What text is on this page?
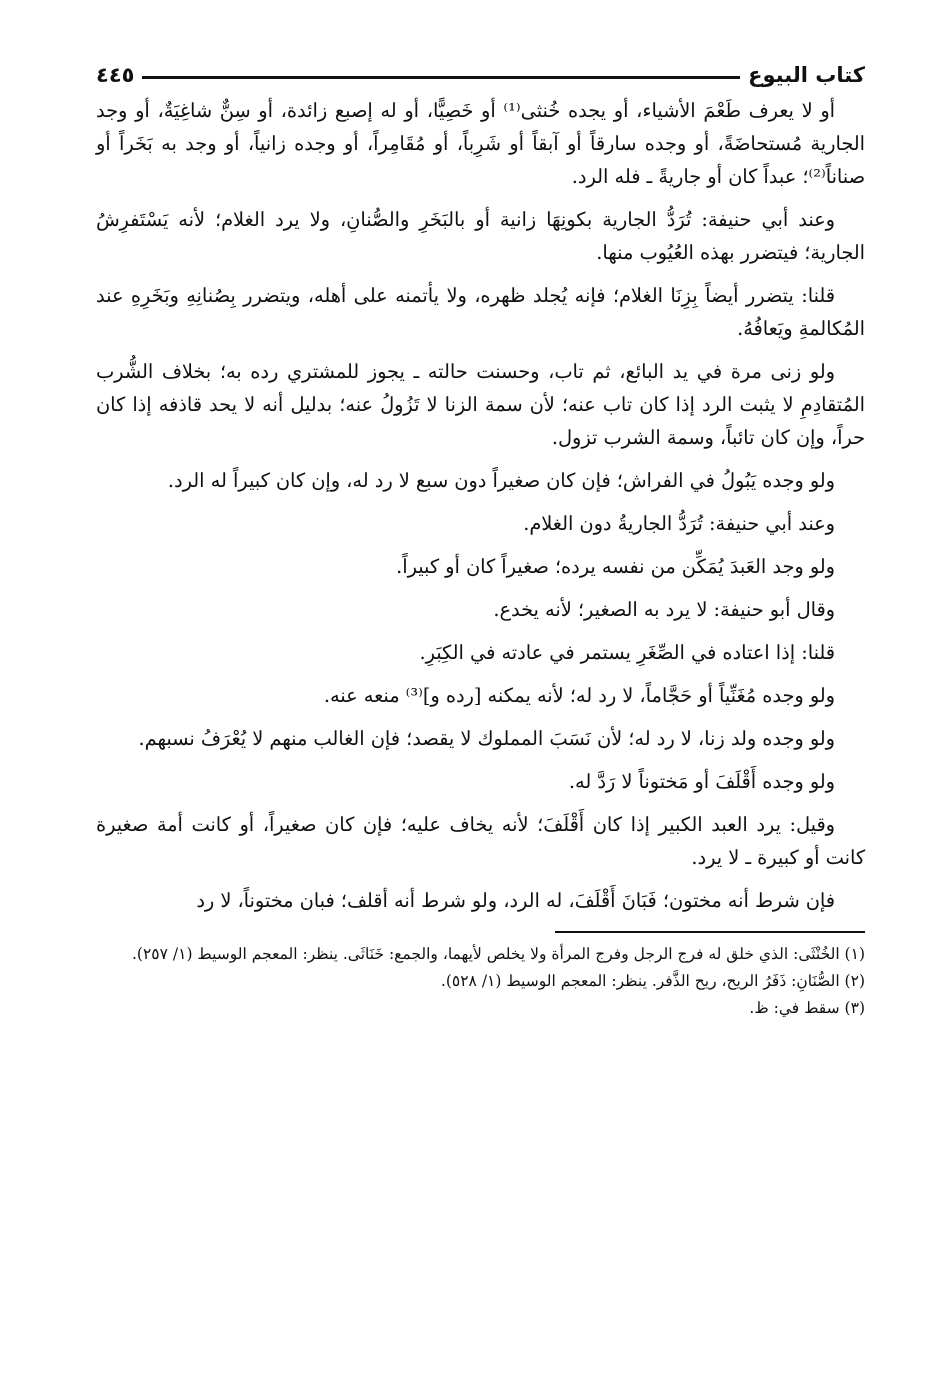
كتاب البيوع
٤٤٥

أو لا يعرف طَعْمَ الأشياء، أو يجده خُنثى⁽¹⁾ أو خَصِيًّا، أو له إصبع زائدة، أو سِنٌّ شاغِيَةٌ، أو وجد الجارية مُستحاضَةً، أو وجده سارقاً أو آبقاً أو شَرِباً، أو مُقَامِراً، أو وجده زانياً، أو وجد به بَخَراً أو صناناً⁽²⁾؛ عبداً كان أو جاريةً ـ فله الرد.

وعند أبي حنيفة: تُرَدُّ الجارية بكونِهَا زانية أو بالبَخَرِ والصُّنانِ، ولا يرد الغلام؛ لأنه يَسْتَفرِشُ الجارية؛ فيتضرر بهذه العُيُوب منها.

قلنا: يتضرر أيضاً بِزِنَا الغلام؛ فإنه يُجلد ظهره، ولا يأتمنه على أهله، ويتضرر بِصُنانِهِ وبَخَرِهِ عند المُكالمةِ ويَعافُهُ.

ولو زنى مرة في يد البائع، ثم تاب، وحسنت حالته ـ يجوز للمشتري رده به؛ بخلاف الشُّرب المُتقادِمِ لا يثبت الرد إذا كان تاب عنه؛ لأن سمة الزنا لا تَزُولُ عنه؛ بدليل أنه لا يحد قاذفه إذا كان حراً، وإن كان تائباً، وسمة الشرب تزول.

ولو وجده يَبُولُ في الفراش؛ فإن كان صغيراً دون سبع لا رد له، وإن كان كبيراً له الرد.

وعند أبي حنيفة: تُرَدُّ الجاريةُ دون الغلام.

ولو وجد العَبدَ يُمَكِّن من نفسه يرده؛ صغيراً كان أو كبيراً.

وقال أبو حنيفة: لا يرد به الصغير؛ لأنه يخدع.

قلنا: إذا اعتاده في الصِّغَرِ يستمر في عادته في الكِبَرِ.

ولو وجده مُغَنِّياً أو حَجَّاماً، لا رد له؛ لأنه يمكنه [رده و]⁽³⁾ منعه عنه.

ولو وجده ولد زنا، لا رد له؛ لأن نَسَبَ المملوك لا يقصد؛ فإن الغالب منهم لا يُعْرَفُ نسبهم.

ولو وجده أَقْلَفَ أو مَختوناً لا رَدَّ له.

وقيل: يرد العبد الكبير إذا كان أَقْلَفَ؛ لأنه يخاف عليه؛ فإن كان صغيراً، أو كانت أمة صغيرة كانت أو كبيرة ـ لا يرد.

فإن شرط أنه مختون؛ فَبَانَ أَقْلَفَ، له الرد، ولو شرط أنه أقلف؛ فبان مختوناً، لا رد

(١) الخُنْثَى: الذي خلق له فرج الرجل وفرج المرأة ولا يخلص لأيهما، والجمع: خَنَاثَى. ينظر: المعجم الوسيط (١/ ٢٥٧).

(٢) الصُّنَانِ: ذَفَرُ الريح، ريح الذَّفر. ينظر: المعجم الوسيط (١/ ٥٢٨).

(٣) سقط في: ظ.
